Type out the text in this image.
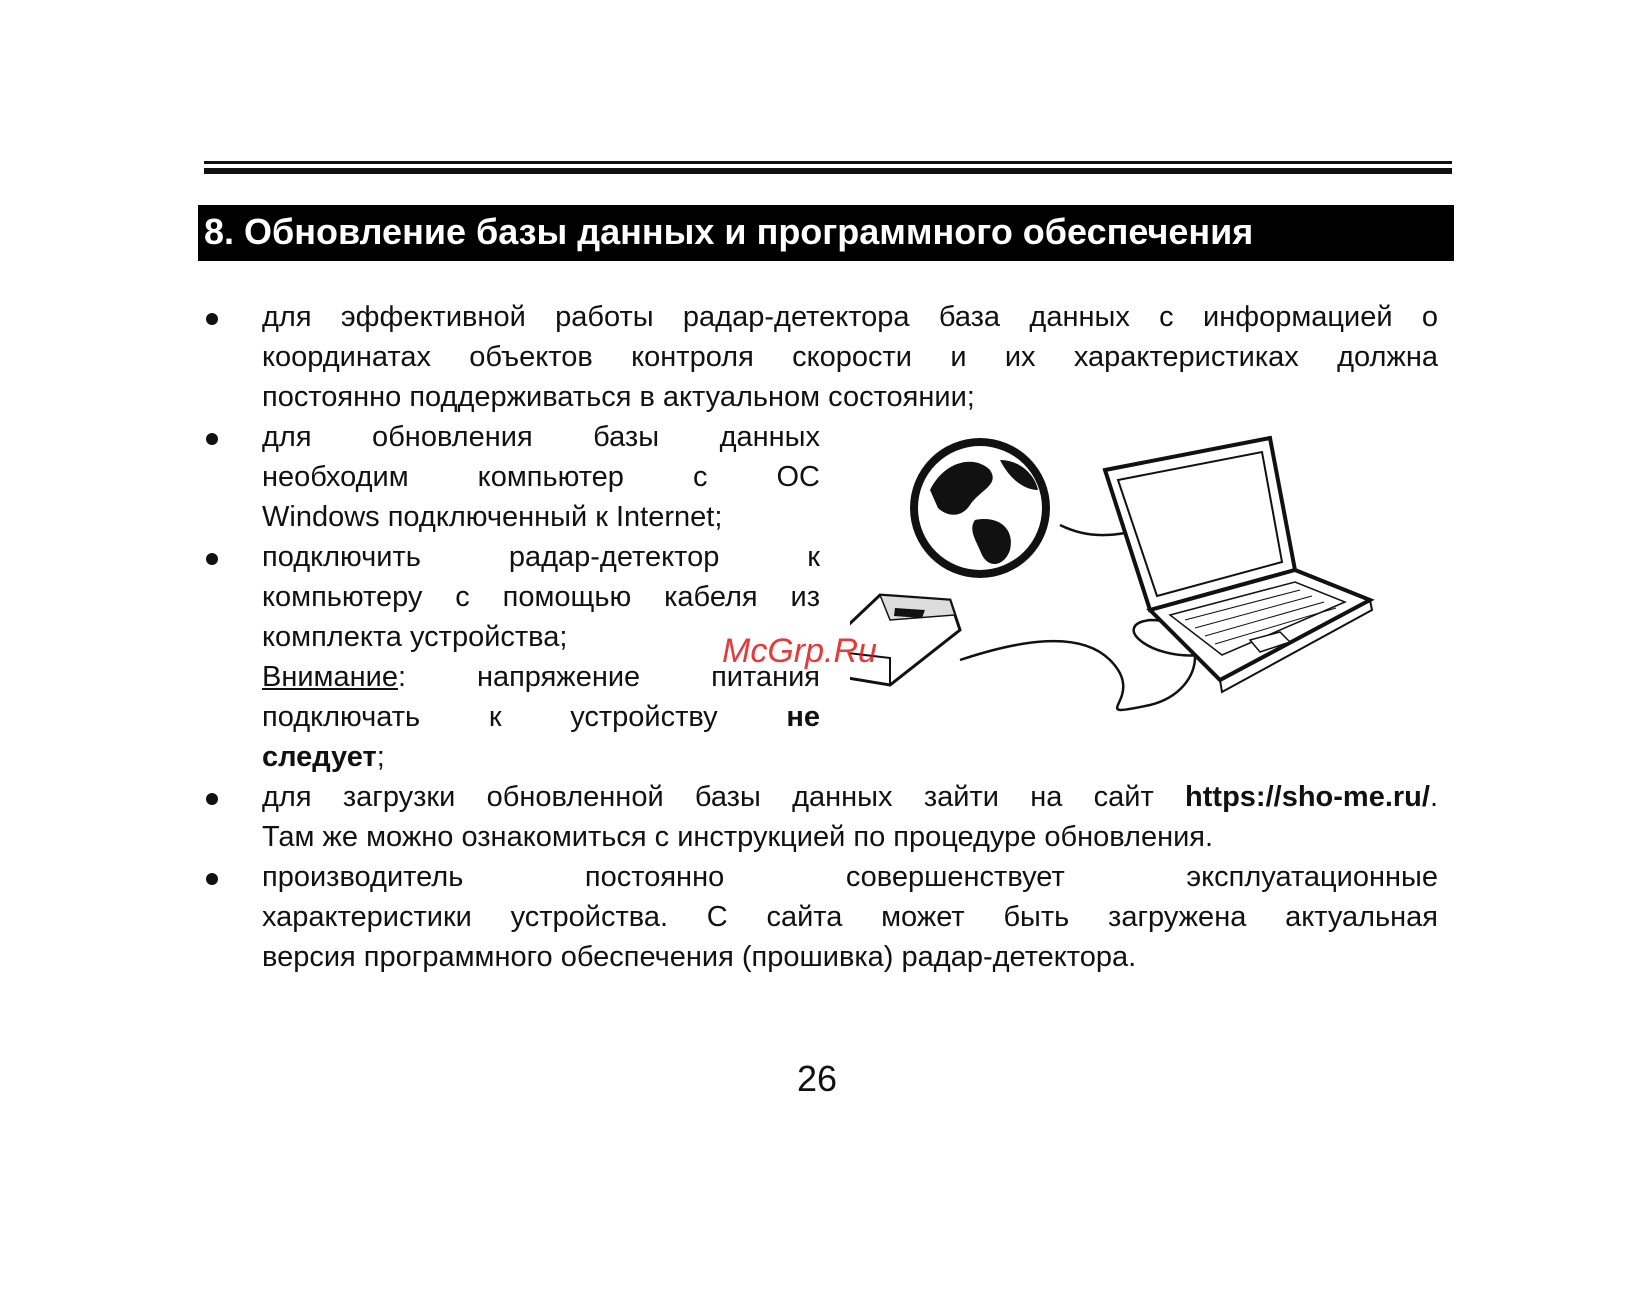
8. Обновление базы данных и программного обеспечения
для эффективной работы радар-детектора база данных с информацией о
координатах объектов контроля скорости и их характеристиках должна
постоянно поддерживаться в актуальном состоянии;
для обновления базы данных
необходим компьютер с ОС
Windows подключенный к Internet;
подключить радар-детектор к
компьютеру с помощью кабеля из
комплекта устройства;
Внимание: напряжение питания
подключать к устройству не
следует;
для загрузки обновленной базы данных зайти на сайт https://sho-me.ru/.
Там же можно ознакомиться с инструкцией по процедуре обновления.
производитель постоянно совершенствует эксплуатационные
характеристики устройства. С сайта может быть загружена актуальная
версия программного обеспечения (прошивка) радар-детектора.
McGrp.Ru
26
